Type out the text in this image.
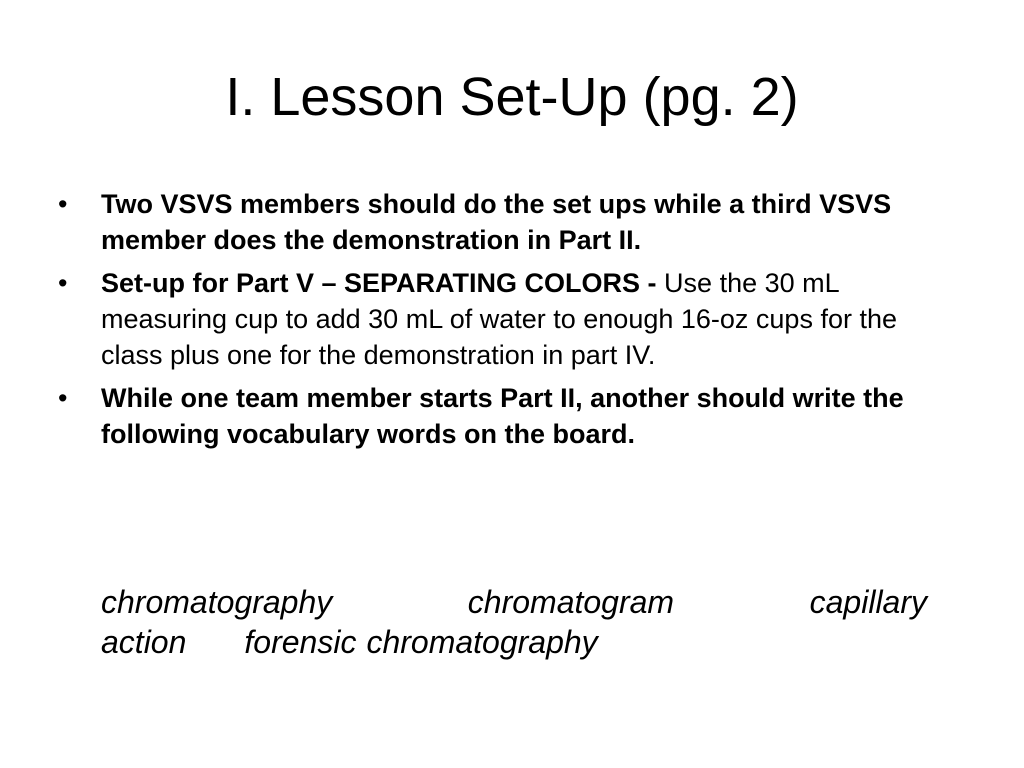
I. Lesson Set-Up (pg. 2)
•	Two VSVS members should do the set ups while a third VSVS member does the demonstration in Part II.
•	Set-up for Part V – SEPARATING COLORS - Use the 30 mL measuring cup to add 30 mL of water to enough 16-oz cups for the class plus one for the demonstration in part IV.
•	While one team member starts Part II, another should write the following vocabulary words on the board.
chromatography	chromatogram	capillary
action forensic chromatography
